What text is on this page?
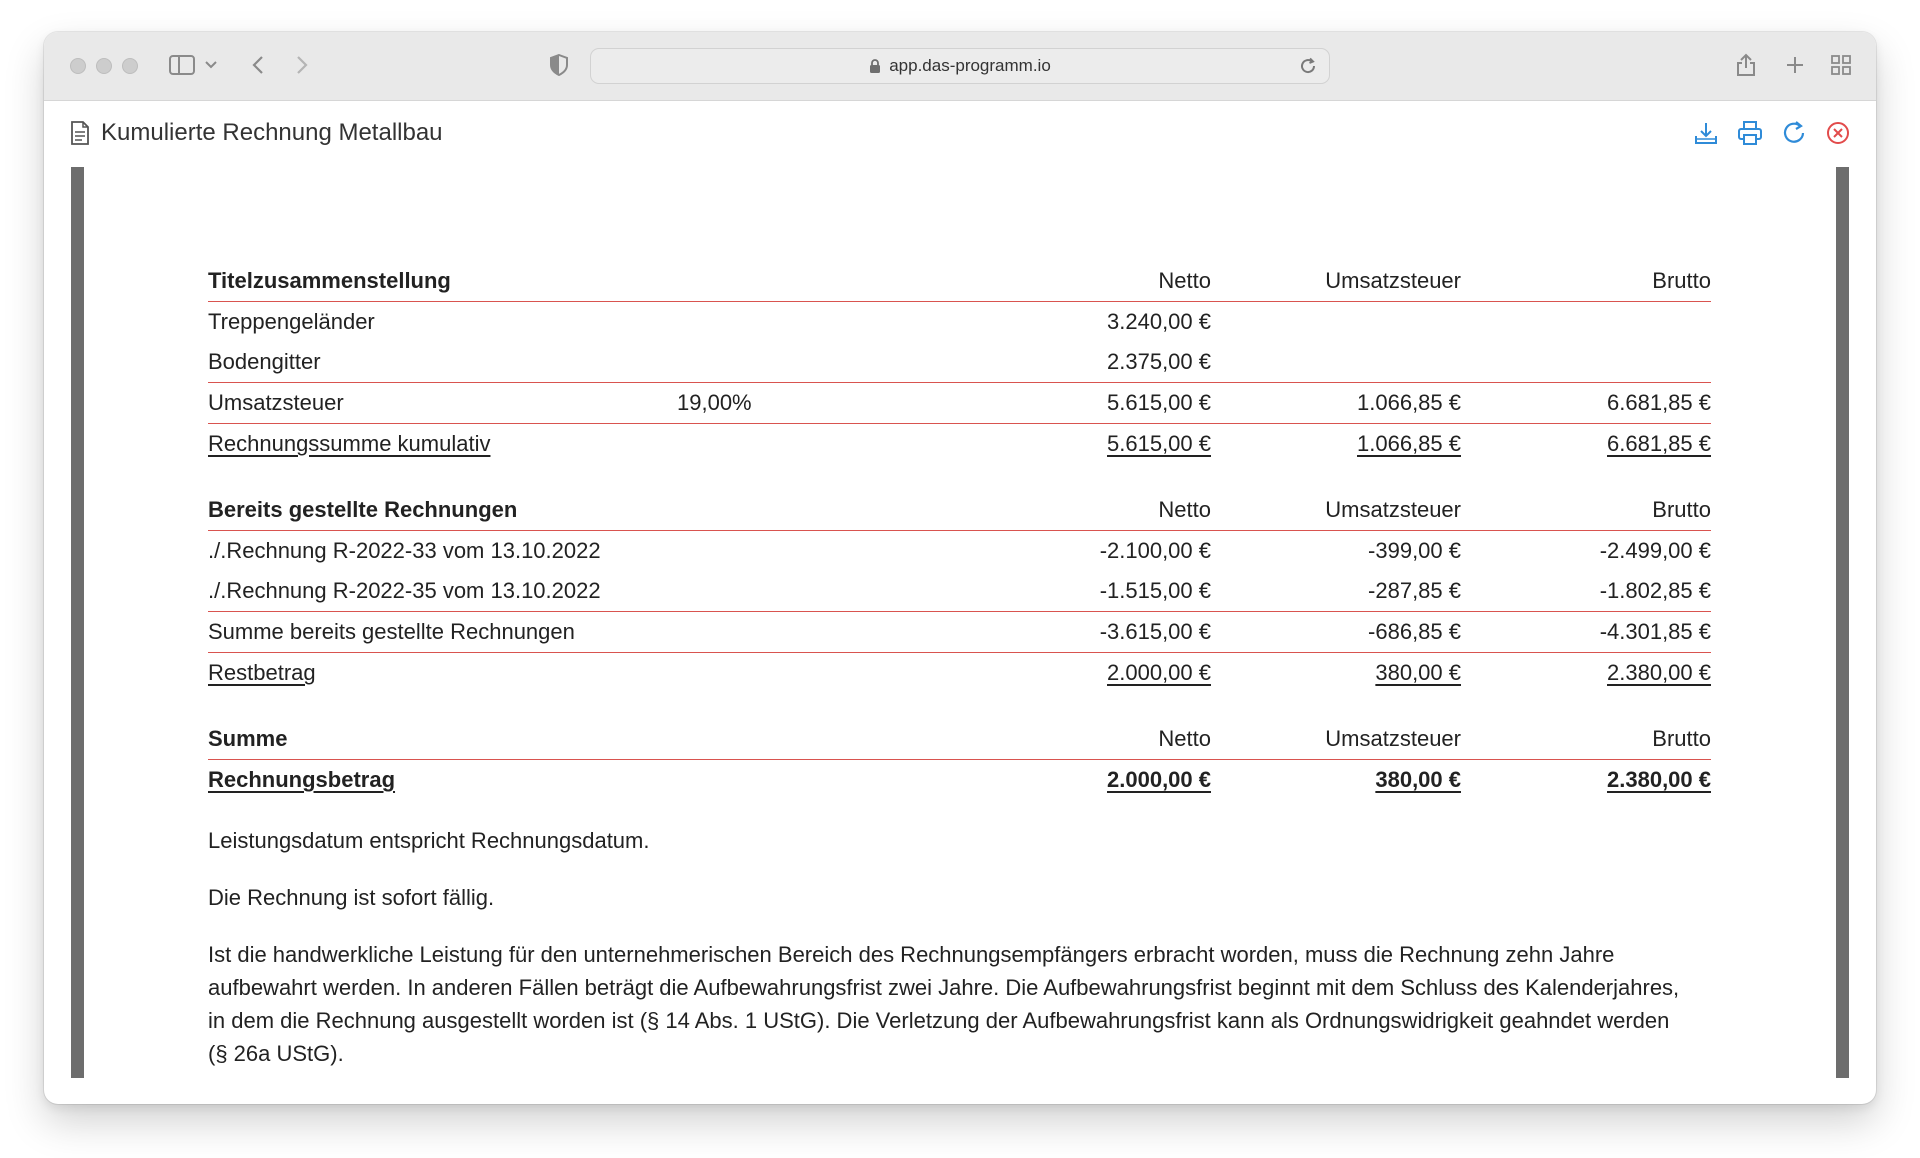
app.das-programm.io
Kumulierte Rechnung Metallbau
Titelzusammenstellung	Netto	Umsatzsteuer	Brutto
Treppengeländer	3.240,00 €
Bodengitter	2.375,00 €
Umsatzsteuer	19,00%	5.615,00 €	1.066,85 €	6.681,85 €
Rechnungssumme kumulativ	5.615,00 €	1.066,85 €	6.681,85 €
Bereits gestellte Rechnungen	Netto	Umsatzsteuer	Brutto
./.Rechnung R-2022-33 vom 13.10.2022	-2.100,00 €	-399,00 €	-2.499,00 €
./.Rechnung R-2022-35 vom 13.10.2022	-1.515,00 €	-287,85 €	-1.802,85 €
Summe bereits gestellte Rechnungen	-3.615,00 €	-686,85 €	-4.301,85 €
Restbetrag	2.000,00 €	380,00 €	2.380,00 €
Summe	Netto	Umsatzsteuer	Brutto
Rechnungsbetrag	2.000,00 €	380,00 €	2.380,00 €

Leistungsdatum entspricht Rechnungsdatum.

Die Rechnung ist sofort fällig.

Ist die handwerkliche Leistung für den unternehmerischen Bereich des Rechnungsempfängers erbracht worden, muss die Rechnung zehn Jahre aufbewahrt werden. In anderen Fällen beträgt die Aufbewahrungsfrist zwei Jahre. Die Aufbewahrungsfrist beginnt mit dem Schluss des Kalenderjahres, in dem die Rechnung ausgestellt worden ist (§ 14 Abs. 1 UStG). Die Verletzung der Aufbewahrungsfrist kann als Ordnungswidrigkeit geahndet werden (§ 26a UStG).
